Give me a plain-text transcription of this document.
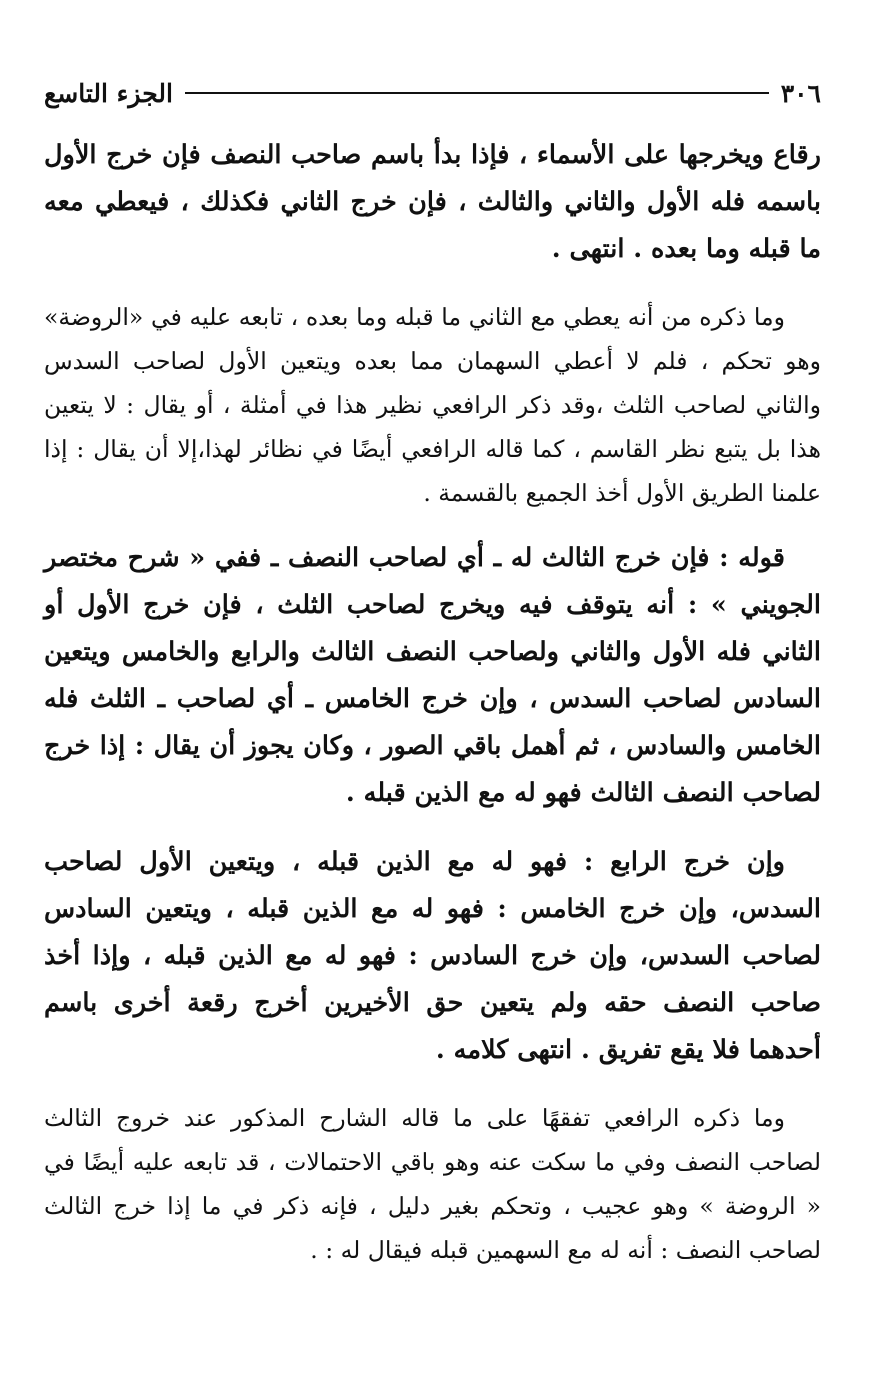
٣٠٦
الجزء التاسع

رقاع ويخرجها على الأسماء ، فإذا بدأ باسم صاحب النصف فإن خرج الأول باسمه فله الأول والثاني والثالث ، فإن خرج الثاني فكذلك ، فيعطي معه ما قبله وما بعده . انتهى .

وما ذكره من أنه يعطي مع الثاني ما قبله وما بعده ، تابعه عليه في «الروضة» وهو تحكم ، فلم لا أعطي السهمان مما بعده ويتعين الأول لصاحب السدس والثاني لصاحب الثلث ،وقد ذكر الرافعي نظير هذا في أمثلة ، أو يقال : لا يتعين هذا بل يتبع نظر القاسم ، كما قاله الرافعي أيضًا في نظائر لهذا،إلا أن يقال : إذا علمنا الطريق الأول أخذ الجميع بالقسمة .

قوله : فإن خرج الثالث له ـ أي لصاحب النصف ـ ففي « شرح مختصر الجويني » : أنه يتوقف فيه ويخرج لصاحب الثلث ، فإن خرج الأول أو الثاني فله الأول والثاني ولصاحب النصف الثالث والرابع والخامس ويتعين السادس لصاحب السدس ، وإن خرج الخامس ـ أي لصاحب ـ الثلث فله الخامس والسادس ، ثم أهمل باقي الصور ، وكان يجوز أن يقال : إذا خرج لصاحب النصف الثالث فهو له مع الذين قبله .

وإن خرج الرابع : فهو له مع الذين قبله ، ويتعين الأول لصاحب السدس، وإن خرج الخامس : فهو له مع الذين قبله ، ويتعين السادس لصاحب السدس، وإن خرج السادس : فهو له مع الذين قبله ، وإذا أخذ صاحب النصف حقه ولم يتعين حق الأخيرين أخرج رقعة أخرى باسم أحدهما فلا يقع تفريق . انتهى كلامه .

وما ذكره الرافعي تفقهًا على ما قاله الشارح المذكور عند خروج الثالث لصاحب النصف وفي ما سكت عنه وهو باقي الاحتمالات ، قد تابعه عليه أيضًا في « الروضة » وهو عجيب ، وتحكم بغير دليل ، فإنه ذكر في ما إذا خرج الثالث لصاحب النصف : أنه له مع السهمين قبله فيقال له : .
